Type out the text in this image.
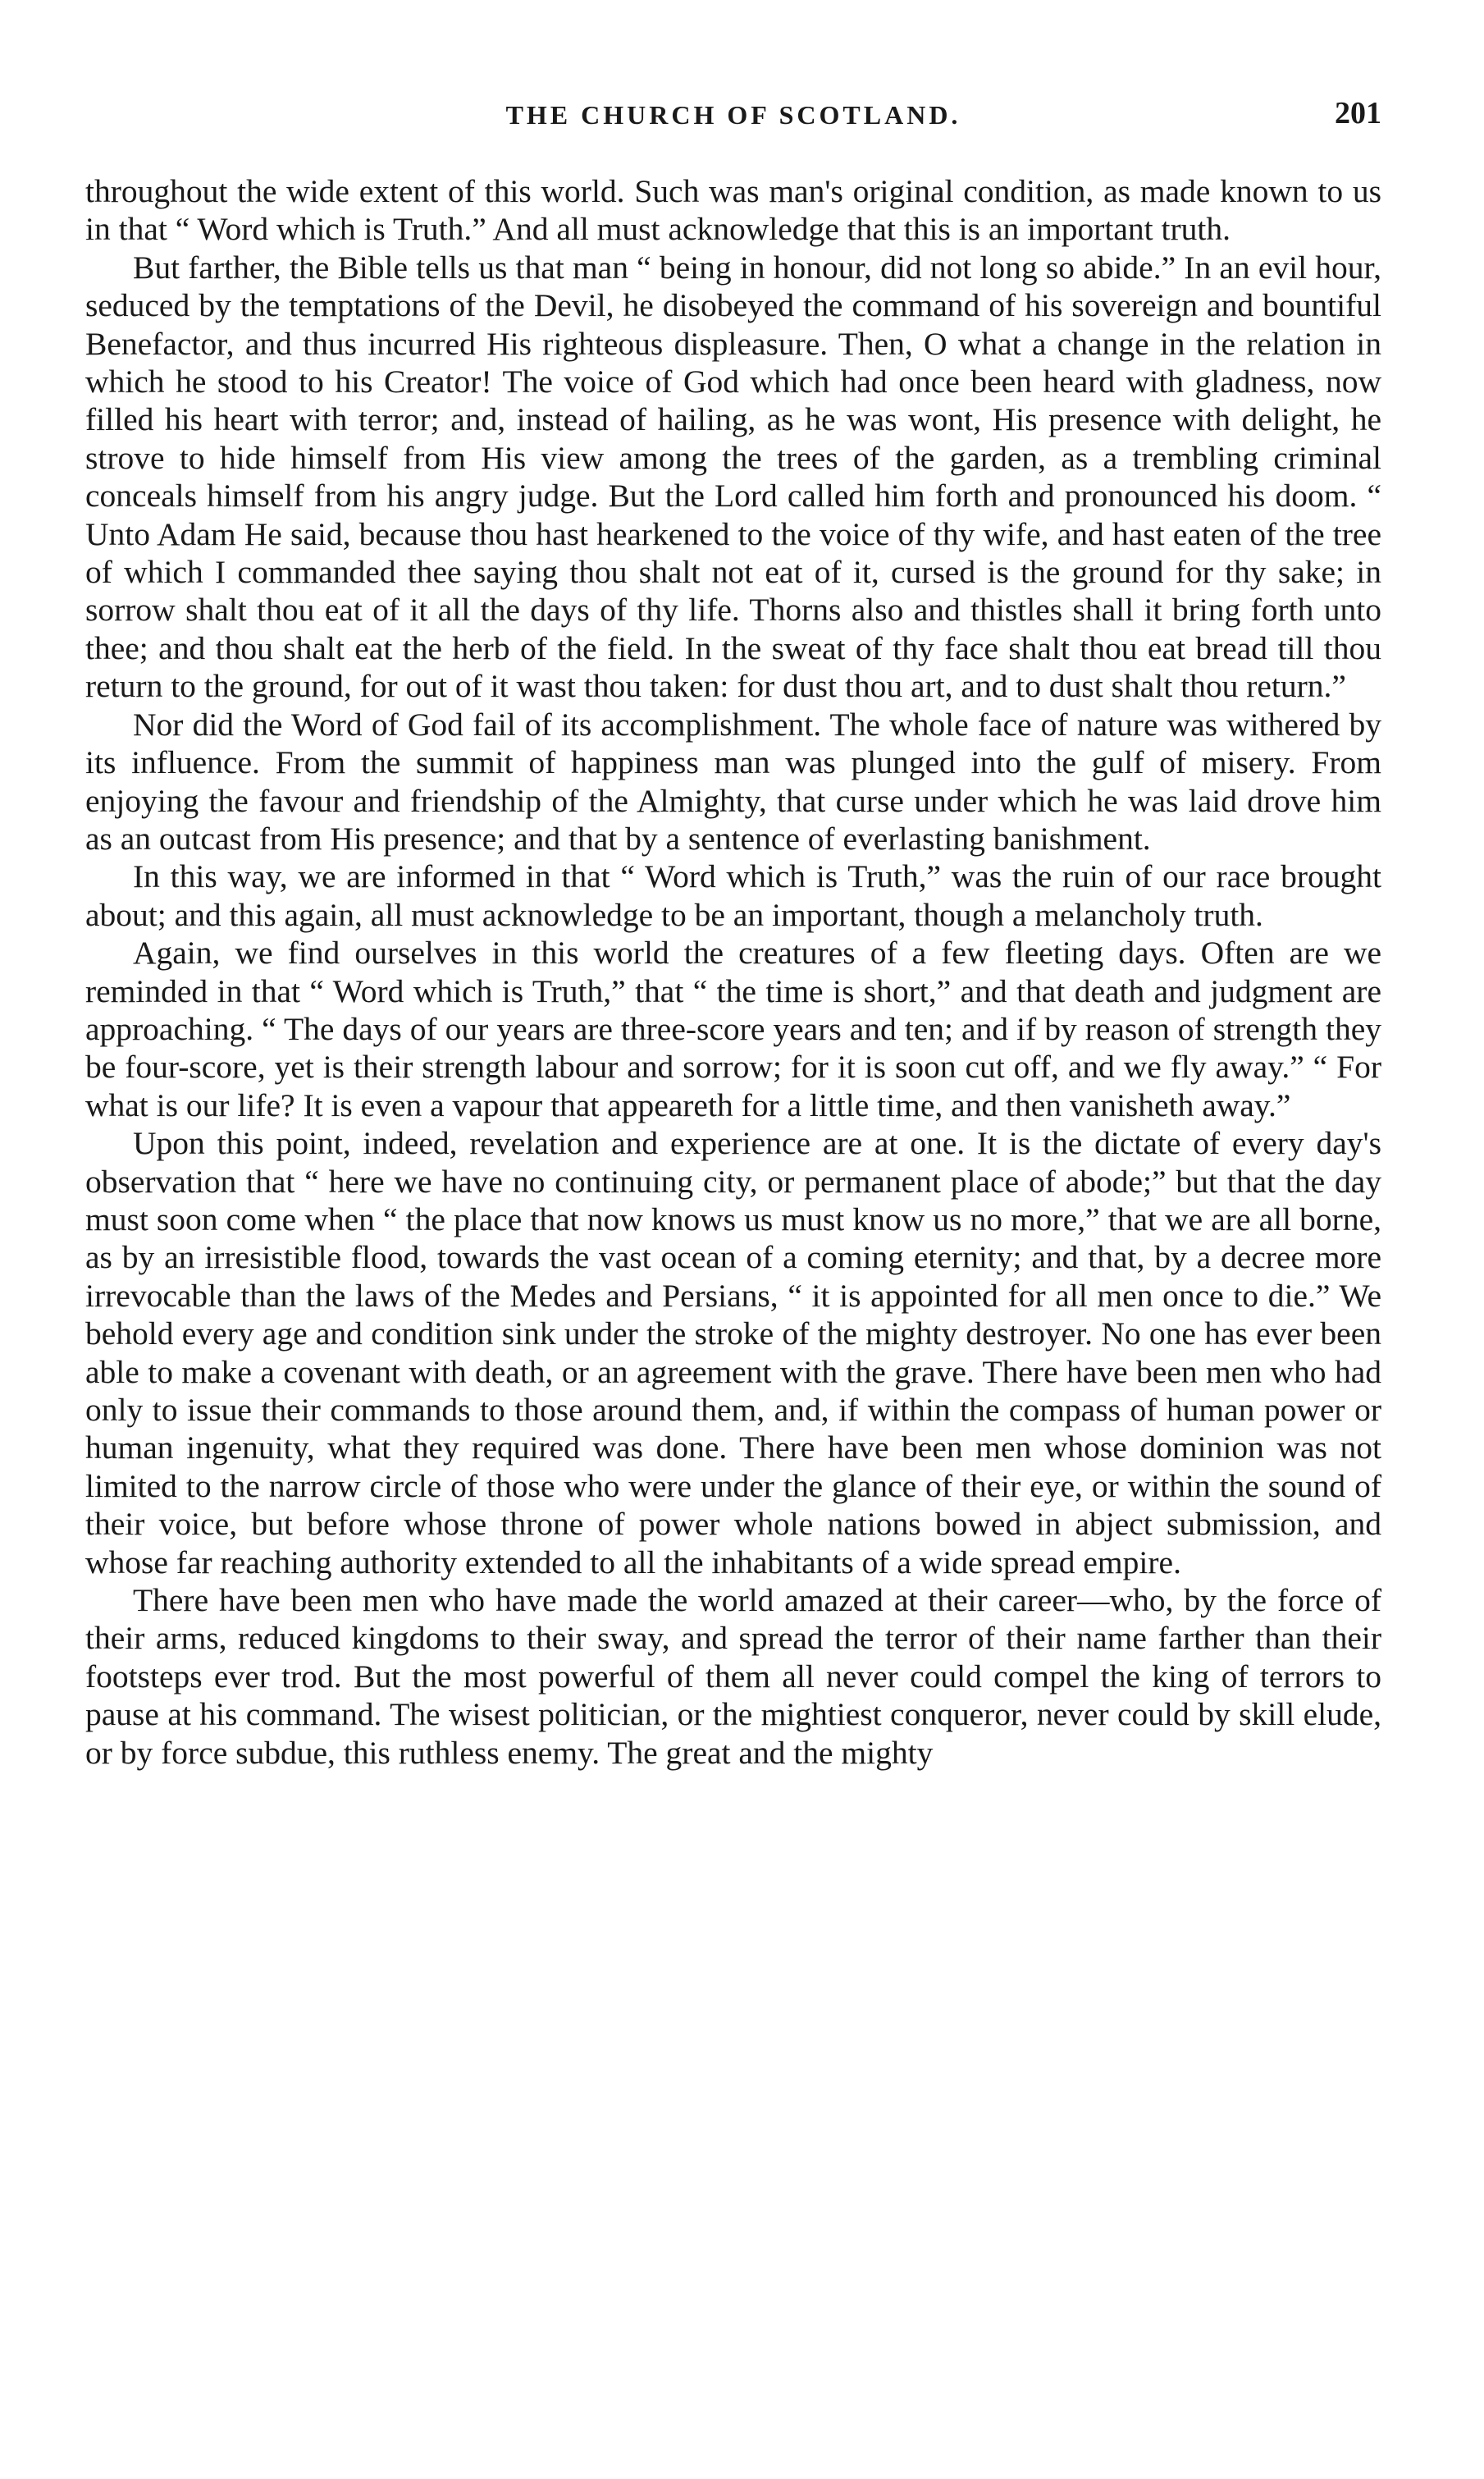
THE CHURCH OF SCOTLAND.	201

throughout the wide extent of this world. Such was man's original condition, as made known to us in that “ Word which is Truth.” And all must acknowledge that this is an important truth.

But farther, the Bible tells us that man “ being in honour, did not long so abide.” In an evil hour, seduced by the temptations of the Devil, he disobeyed the command of his sovereign and bountiful Benefactor, and thus incurred His righteous displeasure. Then, O what a change in the relation in which he stood to his Creator! The voice of God which had once been heard with gladness, now filled his heart with terror; and, instead of hailing, as he was wont, His presence with delight, he strove to hide himself from His view among the trees of the garden, as a trembling criminal conceals himself from his angry judge. But the Lord called him forth and pronounced his doom. “ Unto Adam He said, because thou hast hearkened to the voice of thy wife, and hast eaten of the tree of which I commanded thee saying thou shalt not eat of it, cursed is the ground for thy sake; in sorrow shalt thou eat of it all the days of thy life. Thorns also and thistles shall it bring forth unto thee; and thou shalt eat the herb of the field. In the sweat of thy face shalt thou eat bread till thou return to the ground, for out of it wast thou taken: for dust thou art, and to dust shalt thou return.”

Nor did the Word of God fail of its accomplishment. The whole face of nature was withered by its influence. From the summit of happiness man was plunged into the gulf of misery. From enjoying the favour and friendship of the Almighty, that curse under which he was laid drove him as an outcast from His presence; and that by a sentence of everlasting banishment.

In this way, we are informed in that “ Word which is Truth,” was the ruin of our race brought about; and this again, all must acknowledge to be an important, though a melancholy truth.

Again, we find ourselves in this world the creatures of a few fleeting days. Often are we reminded in that “ Word which is Truth,” that “ the time is short,” and that death and judgment are approaching. “ The days of our years are three-score years and ten; and if by reason of strength they be four-score, yet is their strength labour and sorrow; for it is soon cut off, and we fly away.” “ For what is our life? It is even a vapour that appeareth for a little time, and then vanisheth away.”

Upon this point, indeed, revelation and experience are at one. It is the dictate of every day's observation that “ here we have no continuing city, or permanent place of abode;” but that the day must soon come when “ the place that now knows us must know us no more,” that we are all borne, as by an irresistible flood, towards the vast ocean of a coming eternity; and that, by a decree more irrevocable than the laws of the Medes and Persians, “ it is appointed for all men once to die.” We behold every age and condition sink under the stroke of the mighty destroyer. No one has ever been able to make a covenant with death, or an agreement with the grave. There have been men who had only to issue their commands to those around them, and, if within the compass of human power or human ingenuity, what they required was done. There have been men whose dominion was not limited to the narrow circle of those who were under the glance of their eye, or within the sound of their voice, but before whose throne of power whole nations bowed in abject submission, and whose far reaching authority extended to all the inhabitants of a wide spread empire.

There have been men who have made the world amazed at their career—who, by the force of their arms, reduced kingdoms to their sway, and spread the terror of their name farther than their footsteps ever trod. But the most powerful of them all never could compel the king of terrors to pause at his command. The wisest politician, or the mightiest conqueror, never could by skill elude, or by force subdue, this ruthless enemy. The great and the mighty
